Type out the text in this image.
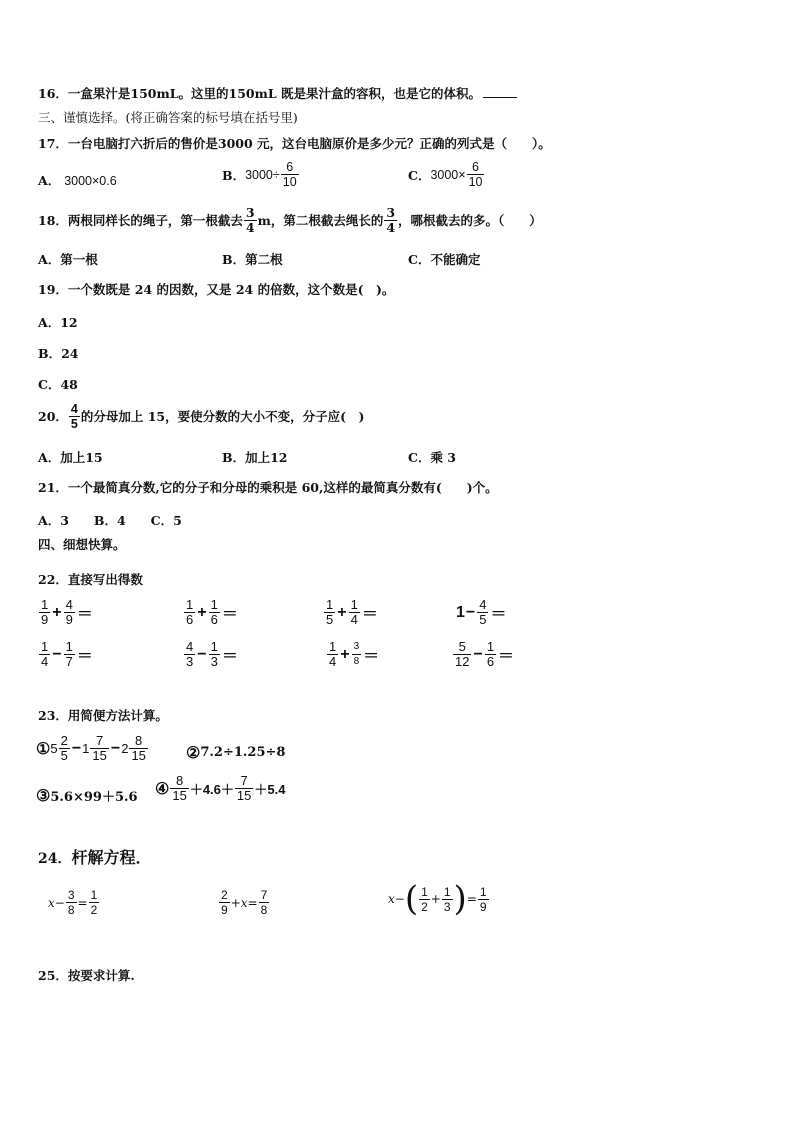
16．一盒果汁是150mL。这里的150mL 既是果汁盒的容积，也是它的体积。
三、谨慎选择。(将正确答案的标号填在括号里)
17．一台电脑打六折后的售价是3000 元，这台电脑原价是多少元？正确的列式是（　　）。
A． 3000×0.6	B． $3000\div \frac{6}{10}$	C． $3000\times \frac{6}{10}$
18．两根同样长的绳子，第一根截去 $\frac{3}{4}$ m，第二根截去绳长的 $\frac{3}{4}$ ，哪根截去的多。（　　）
A．第一根	B．第二根	C．不能确定
19．一个数既是 24 的因数，又是 24 的倍数，这个数是(　)。
A．12
B．24
C．48
20． $\frac{4}{5}$ 的分母加上 15，要使分数的大小不变，分子应(　)
A．加上15	B．加上12	C．乘 3
21．一个最简真分数,它的分子和分母的乘积是 60,这样的最简真分数有(　　)个。
A．3　　B．4　　C．5
四、细想快算。
22．直接写出得数
$\frac{1}{9} + \frac{4}{9}$ ＝	$\frac{1}{6} + \frac{1}{6}$ ＝	$\frac{1}{5} + \frac{1}{4}$ ＝	$1 - \frac{4}{5}$ ＝
$\frac{1}{4} - \frac{1}{7}$ ＝	$\frac{4}{3} - \frac{1}{3}$ ＝	$\frac{1}{4} + \frac{3}{8}$ ＝	$\frac{5}{12} - \frac{1}{6}$ ＝
23．用简便方法计算。
① $5 \frac{2}{5} - 1 \frac{7}{15} - 2 \frac{8}{15}$ ② 7.2÷1.25÷8
③ 5.6×99＋5.6 ④ $\frac{8}{15} +4.6+ \frac{7}{15} +5.4$
24．杆解方程．
$x - \frac{3}{8} = \frac{1}{2}$	$\frac{2}{9} + x = \frac{7}{8}$	x − ( $\frac{1}{2} + \frac{1}{3}$ ) = $\frac{1}{9}$
25．按要求计算.
